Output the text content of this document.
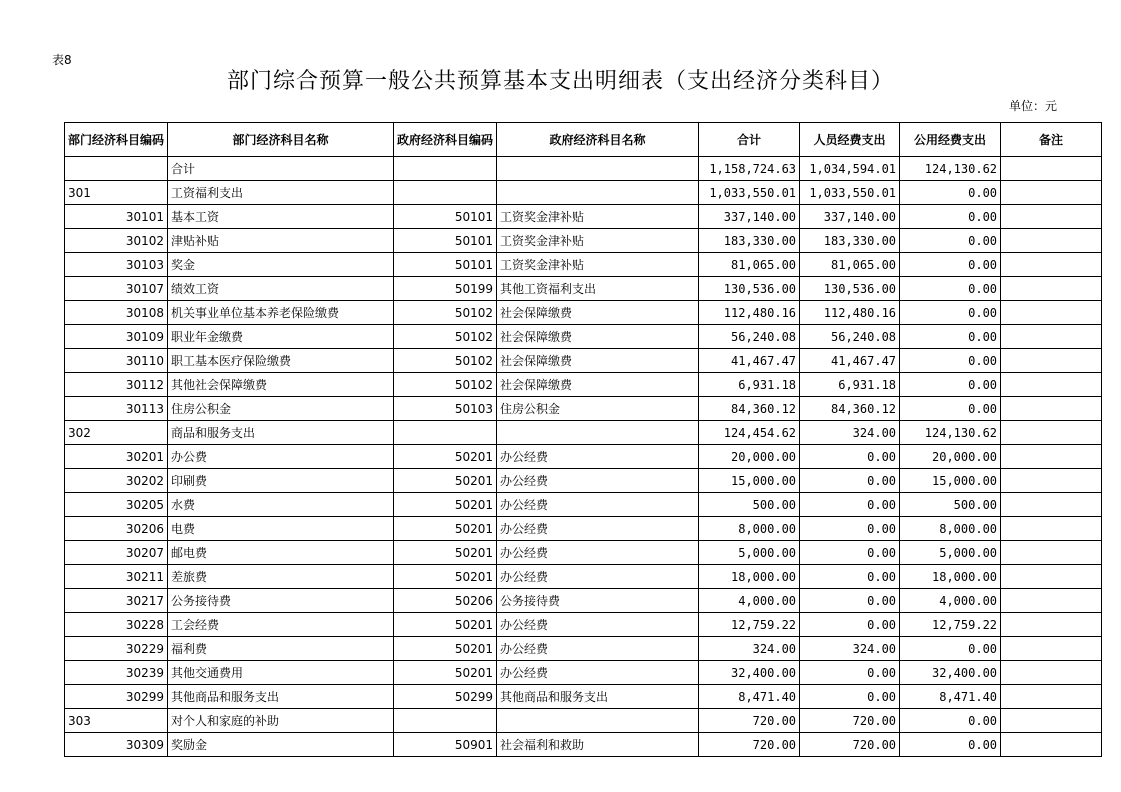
表8
部门综合预算一般公共预算基本支出明细表（支出经济分类科目）
单位：元
部门经济科目编码	部门经济科目名称	政府经济科目编码	政府经济科目名称	合计	人员经费支出	公用经费支出	备注
	合计			1,158,724.63	1,034,594.01	124,130.62	
301	工资福利支出			1,033,550.01	1,033,550.01	0.00	
30101	基本工资	50101	工资奖金津补贴	337,140.00	337,140.00	0.00	
30102	津贴补贴	50101	工资奖金津补贴	183,330.00	183,330.00	0.00	
30103	奖金	50101	工资奖金津补贴	81,065.00	81,065.00	0.00	
30107	绩效工资	50199	其他工资福利支出	130,536.00	130,536.00	0.00	
30108	机关事业单位基本养老保险缴费	50102	社会保障缴费	112,480.16	112,480.16	0.00	
30109	职业年金缴费	50102	社会保障缴费	56,240.08	56,240.08	0.00	
30110	职工基本医疗保险缴费	50102	社会保障缴费	41,467.47	41,467.47	0.00	
30112	其他社会保障缴费	50102	社会保障缴费	6,931.18	6,931.18	0.00	
30113	住房公积金	50103	住房公积金	84,360.12	84,360.12	0.00	
302	商品和服务支出			124,454.62	324.00	124,130.62	
30201	办公费	50201	办公经费	20,000.00	0.00	20,000.00	
30202	印刷费	50201	办公经费	15,000.00	0.00	15,000.00	
30205	水费	50201	办公经费	500.00	0.00	500.00	
30206	电费	50201	办公经费	8,000.00	0.00	8,000.00	
30207	邮电费	50201	办公经费	5,000.00	0.00	5,000.00	
30211	差旅费	50201	办公经费	18,000.00	0.00	18,000.00	
30217	公务接待费	50206	公务接待费	4,000.00	0.00	4,000.00	
30228	工会经费	50201	办公经费	12,759.22	0.00	12,759.22	
30229	福利费	50201	办公经费	324.00	324.00	0.00	
30239	其他交通费用	50201	办公经费	32,400.00	0.00	32,400.00	
30299	其他商品和服务支出	50299	其他商品和服务支出	8,471.40	0.00	8,471.40	
303	对个人和家庭的补助			720.00	720.00	0.00	
30309	奖励金	50901	社会福利和救助	720.00	720.00	0.00	
